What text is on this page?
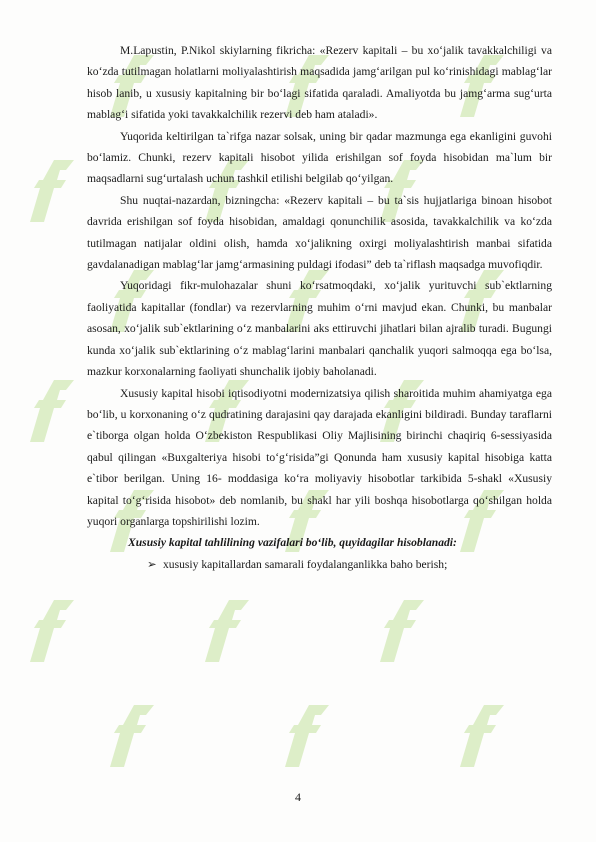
M.Lapustin, P.Nikol skiylarning fikricha: «Rezerv kapitali – bu xo‘jalik tavakkalchiligi va ko‘zda tutilmagan holatlarni moliyalashtirish maqsadida jamg‘arilgan pul ko‘rinishidagi mablag‘lar hisob lanib, u xususiy kapitalning bir bo‘lagi sifatida qaraladi. Amaliyotda bu jamg‘arma sug‘urta mablag‘i sifatida yoki tavakkalchilik rezervi deb ham ataladi».

Yuqorida keltirilgan ta`rifga nazar solsak, uning bir qadar mazmunga ega ekanligini guvohi bo‘lamiz. Chunki, rezerv kapitali hisobot yilida erishilgan sof foyda hisobidan ma`lum bir maqsadlarni sug‘urtalash uchun tashkil etilishi belgilab qo‘yilgan.

Shu nuqtai-nazardan, bizningcha: «Rezerv kapitali – bu ta`sis hujjatlariga binoan hisobot davrida erishilgan sof foyda hisobidan, amaldagi qonunchilik asosida, tavakkalchilik va ko‘zda tutilmagan natijalar oldini olish, hamda xo‘jalikning oxirgi moliyalashtirish manbai sifatida gavdalanadigan mablag‘lar jamg‘armasining puldagi ifodasi” deb ta`riflash maqsadga muvofiqdir.

Yuqoridagi fikr-mulohazalar shuni ko‘rsatmoqdaki, xo‘jalik yurituvchi sub`ektlarning faoliyatida kapitallar (fondlar) va rezervlarning muhim o‘rni mavjud ekan. Chunki, bu manbalar asosan, xo‘jalik sub`ektlarining o‘z manbalarini aks ettiruvchi jihatlari bilan ajralib turadi. Bugungi kunda xo‘jalik sub`ektlarining o‘z mablag‘larini manbalari qanchalik yuqori salmoqqa ega bo‘lsa, mazkur korxonalarning faoliyati shunchalik ijobiy baholanadi.

Xususiy kapital hisobi iqtisodiyotni modernizatsiya qilish sharoitida muhim ahamiyatga ega bo‘lib, u korxonaning o‘z qudratining darajasini qay darajada ekanligini bildiradi. Bunday taraflarni e`tiborga olgan holda O‘zbekiston Respublikasi Oliy Majlisining birinchi chaqiriq 6-sessiyasida qabul qilingan «Buxgalteriya hisobi to‘g‘risida”gi Qonunda ham xususiy kapital hisobiga katta e`tibor berilgan. Uning 16- moddasiga ko‘ra moliyaviy hisobotlar tarkibida 5-shakl «Xususiy kapital to‘g‘risida hisobot» deb nomlanib, bu shakl har yili boshqa hisobotlarga qo‘shilgan holda yuqori organlarga topshirilishi lozim.

Xususiy kapital tahlilining vazifalari bo‘lib, quyidagilar hisoblanadi:

➢ xususiy kapitallardan samarali foydalanganlikka baho berish;
4
